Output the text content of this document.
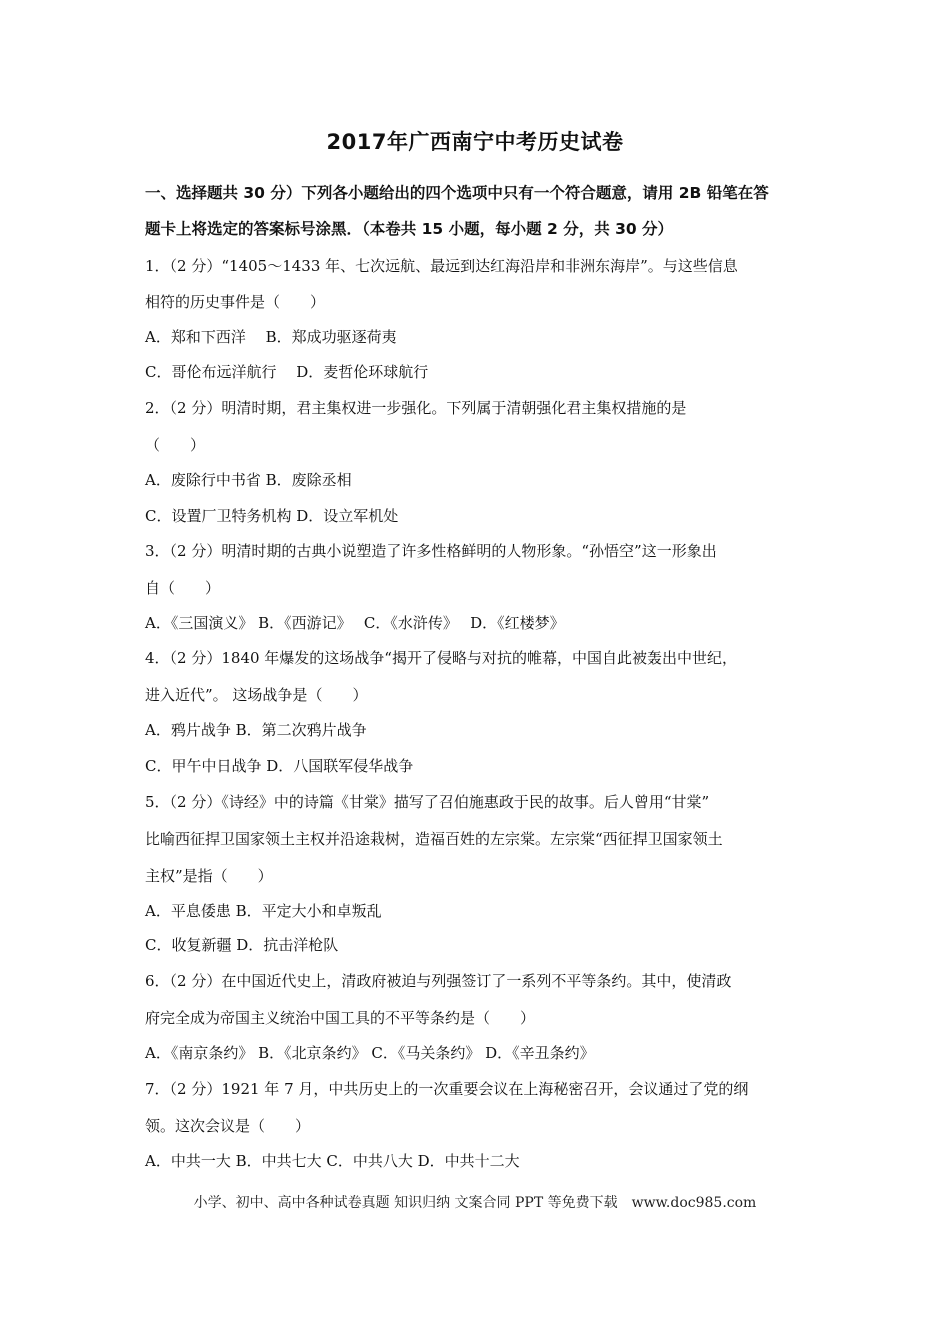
2017年广西南宁中考历史试卷
一、选择题共 30 分）下列各小题给出的四个选项中只有一个符合题意，请用 2B 铅笔在答
题卡上将选定的答案标号涂黑．（本卷共 15 小题，每小题 2 分，共 30 分）
1．（2 分）“1405～1433 年、七次远航、最远到达红海沿岸和非洲东海岸”。与这些信息
相符的历史事件是（　　）
A．郑和下西洋　 B．郑成功驱逐荷夷
C．哥伦布远洋航行　 D．麦哲伦环球航行
2．（2 分）明清时期，君主集权进一步强化。下列属于清朝强化君主集权措施的是
（　　）
A．废除行中书省 B．废除丞相
C．设置厂卫特务机构 D．设立军机处
3．（2 分）明清时期的古典小说塑造了许多性格鲜明的人物形象。“孙悟空”这一形象出
自（　　）
A．《三国演义》 B．《西游记》　 C．《水浒传》　 D．《红楼梦》
4．（2 分）1840 年爆发的这场战争“揭开了侵略与对抗的帷幕，中国自此被轰出中世纪，
进入近代”。 这场战争是（　　）
A．鸦片战争 B．第二次鸦片战争
C．甲午中日战争 D．八国联军侵华战争
5．（2 分）《诗经》中的诗篇《甘棠》描写了召伯施惠政于民的故事。后人曾用“甘棠”
比喻西征捍卫国家领土主权并沿途栽树，造福百姓的左宗棠。左宗棠“西征捍卫国家领土
主权”是指（　　）
A．平息倭患 B．平定大小和卓叛乱
C．收复新疆 D．抗击洋枪队
6．（2 分）在中国近代史上，清政府被迫与列强签订了一系列不平等条约。其中，使清政
府完全成为帝国主义统治中国工具的不平等条约是（　　）
A．《南京条约》 B．《北京条约》 C．《马关条约》 D．《辛丑条约》
7．（2 分）1921 年 7 月，中共历史上的一次重要会议在上海秘密召开，会议通过了党的纲
领。这次会议是（　　）
A．中共一大 B．中共七大 C．中共八大 D．中共十二大
小学、初中、高中各种试卷真题 知识归纳 文案合同 PPT 等免费下载　www.doc985.com
